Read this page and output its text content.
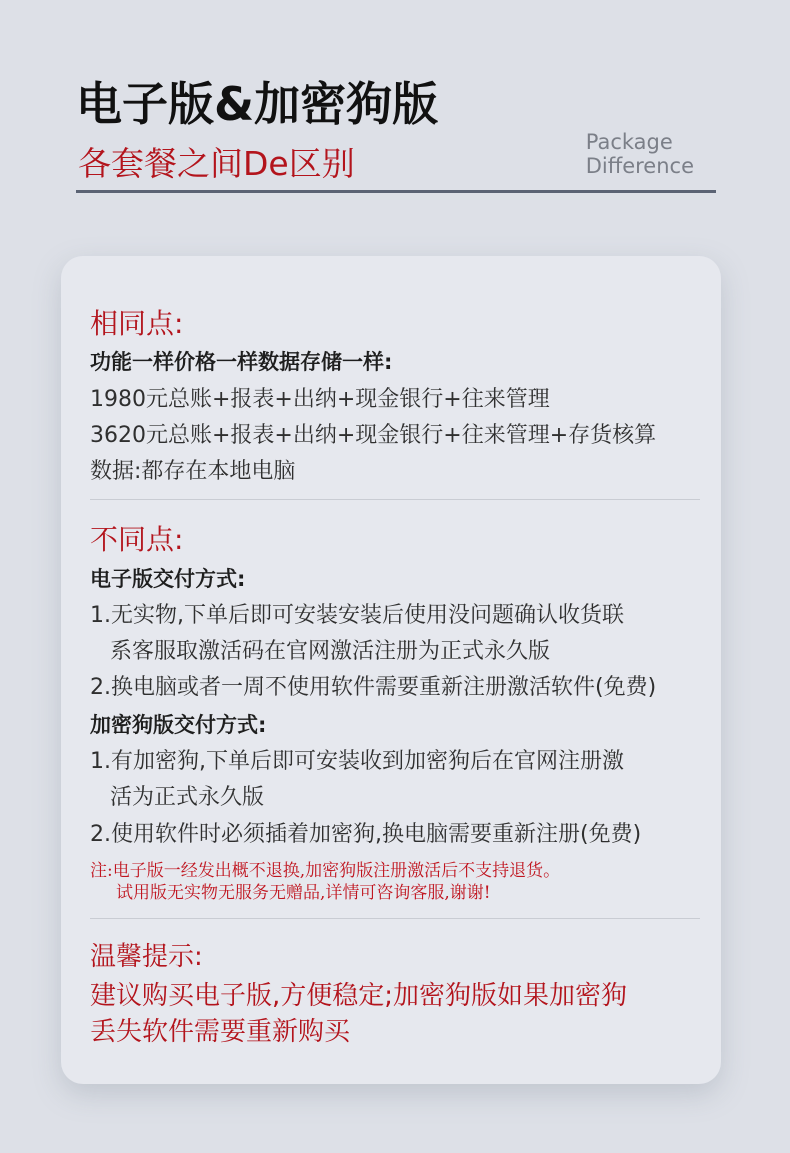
电子版&加密狗版
各套餐之间De区别
Package
Difference
相同点:
功能一样价格一样数据存储一样:
1980元总账+报表+出纳+现金银行+往来管理
3620元总账+报表+出纳+现金银行+往来管理+存货核算
数据:都存在本地电脑
不同点:
电子版交付方式:
1.无实物,下单后即可安装安装后使用没问题确认收货联
系客服取激活码在官网激活注册为正式永久版
2.换电脑或者一周不使用软件需要重新注册激活软件(免费)
加密狗版交付方式:
1.有加密狗,下单后即可安装收到加密狗后在官网注册激
活为正式永久版
2.使用软件时必须插着加密狗,换电脑需要重新注册(免费)
注:电子版一经发出概不退换,加密狗版注册激活后不支持退货。
试用版无实物无服务无赠品,详情可咨询客服,谢谢!
温馨提示:
建议购买电子版,方便稳定;加密狗版如果加密狗
丢失软件需要重新购买
